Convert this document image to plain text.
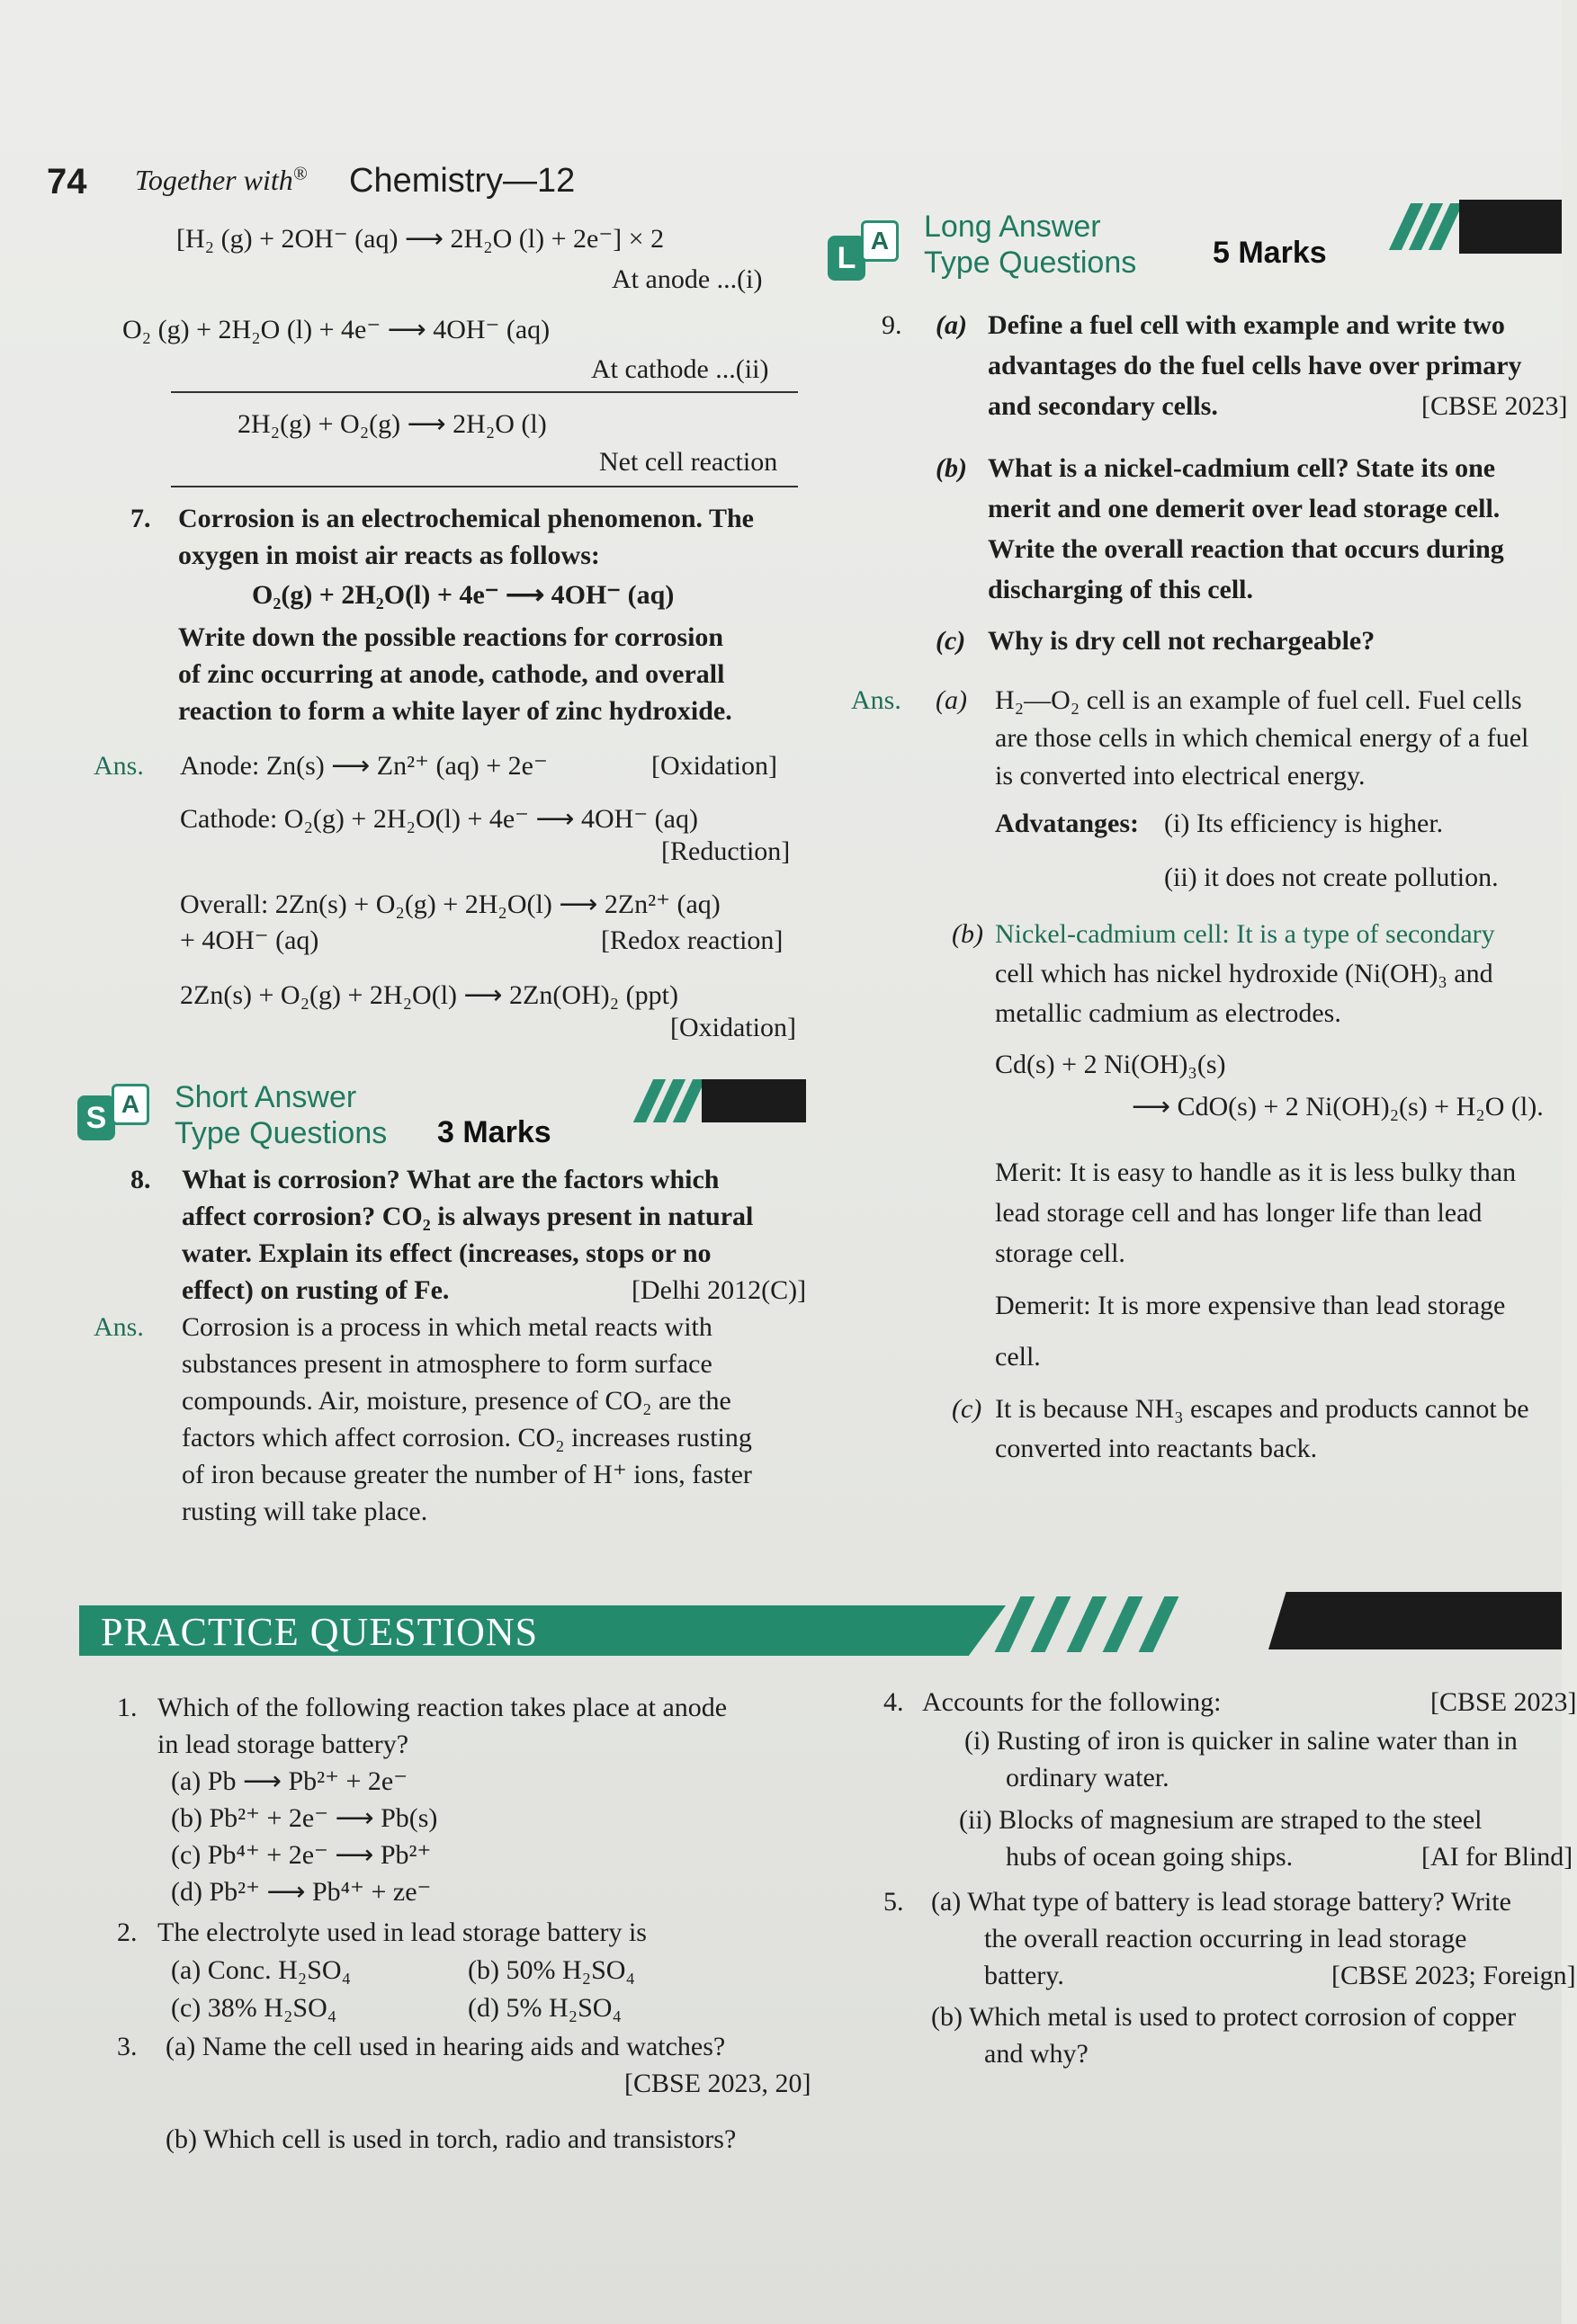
74 Together with® Chemistry—12
[H₂ (g) + 2OH⁻ (aq) ⟶ 2H₂O (l) + 2e⁻] × 2
At anode ...(i)
O₂ (g) + 2H₂O (l) + 4e⁻ ⟶ 4OH⁻ (aq)
At cathode ...(ii)
2H₂(g) + O₂(g) ⟶ 2H₂O (l)
Net cell reaction
7. Corrosion is an electrochemical phenomenon. The
oxygen in moist air reacts as follows:
O₂(g) + 2H₂O(l) + 4e⁻ ⟶ 4OH⁻ (aq)
Write down the possible reactions for corrosion
of zinc occurring at anode, cathode, and overall
reaction to form a white layer of zinc hydroxide.
Ans. Anode: Zn(s) ⟶ Zn²⁺ (aq) + 2e⁻	[Oxidation]
Cathode: O₂(g) + 2H₂O(l) + 4e⁻ ⟶ 4OH⁻ (aq)
[Reduction]
Overall: 2Zn(s) + O₂(g) + 2H₂O(l) ⟶ 2Zn²⁺ (aq)
+ 4OH⁻ (aq)	[Redox reaction]
2Zn(s) + O₂(g) + 2H₂O(l) ⟶ 2Zn(OH)₂ (ppt)
[Oxidation]
S A	Short Answer
Type Questions 3 Marks
8. What is corrosion? What are the factors which
affect corrosion? CO₂ is always present in natural
water. Explain its effect (increases, stops or no
effect) on rusting of Fe.	[Delhi 2012(C)]
Ans. Corrosion is a process in which metal reacts with
substances present in atmosphere to form surface
compounds. Air, moisture, presence of CO₂ are the
factors which affect corrosion. CO₂ increases rusting
of iron because greater the number of H⁺ ions, faster
rusting will take place.
L
A	Long Answer
Type Questions 5 Marks
9. (a) Define a fuel cell with example and write two
advantages do the fuel cells have over primary
and secondary cells.	[CBSE 2023]
(b) What is a nickel-cadmium cell? State its one
merit and one demerit over lead storage cell.
Write the overall reaction that occurs during
discharging of this cell.
(c) Why is dry cell not rechargeable?
Ans. (a) H₂—O₂ cell is an example of fuel cell. Fuel cells
are those cells in which chemical energy of a fuel
is converted into electrical energy.
Advatanges: (i) Its efficiency is higher.
(ii) it does not create pollution.
(b) Nickel-cadmium cell: It is a type of secondary
cell which has nickel hydroxide (Ni(OH)₃ and
metallic cadmium as electrodes.
Cd(s) + 2 Ni(OH)₃(s)
⟶ CdO(s) + 2 Ni(OH)₂(s) + H₂O (l).
Merit: It is easy to handle as it is less bulky than
lead storage cell and has longer life than lead
storage cell.
Demerit: It is more expensive than lead storage
cell.
(c) It is because NH₃ escapes and products cannot be
converted into reactants back.
PRACTICE QUESTIONS
1. Which of the following reaction takes place at anode
in lead storage battery?
(a) Pb ⟶ Pb²⁺ + 2e⁻
(b) Pb²⁺ + 2e⁻ ⟶ Pb(s)
(c) Pb⁴⁺ + 2e⁻ ⟶ Pb²⁺
(d) Pb²⁺ ⟶ Pb⁴⁺ + ze⁻
2. The electrolyte used in lead storage battery is
(a) Conc. H₂SO₄	(b) 50% H₂SO₄
(c) 38% H₂SO₄	(d) 5% H₂SO₄
3. (a) Name the cell used in hearing aids and watches?
[CBSE 2023, 20]
(b) Which cell is used in torch, radio and transistors?
4. Accounts for the following:	[CBSE 2023]
(i) Rusting of iron is quicker in saline water than in
ordinary water.
(ii) Blocks of magnesium are straped to the steel
hubs of ocean going ships.	[AI for Blind]
5. (a) What type of battery is lead storage battery? Write
the overall reaction occurring in lead storage
battery.	[CBSE 2023; Foreign]
(b) Which metal is used to protect corrosion of copper
and why?
